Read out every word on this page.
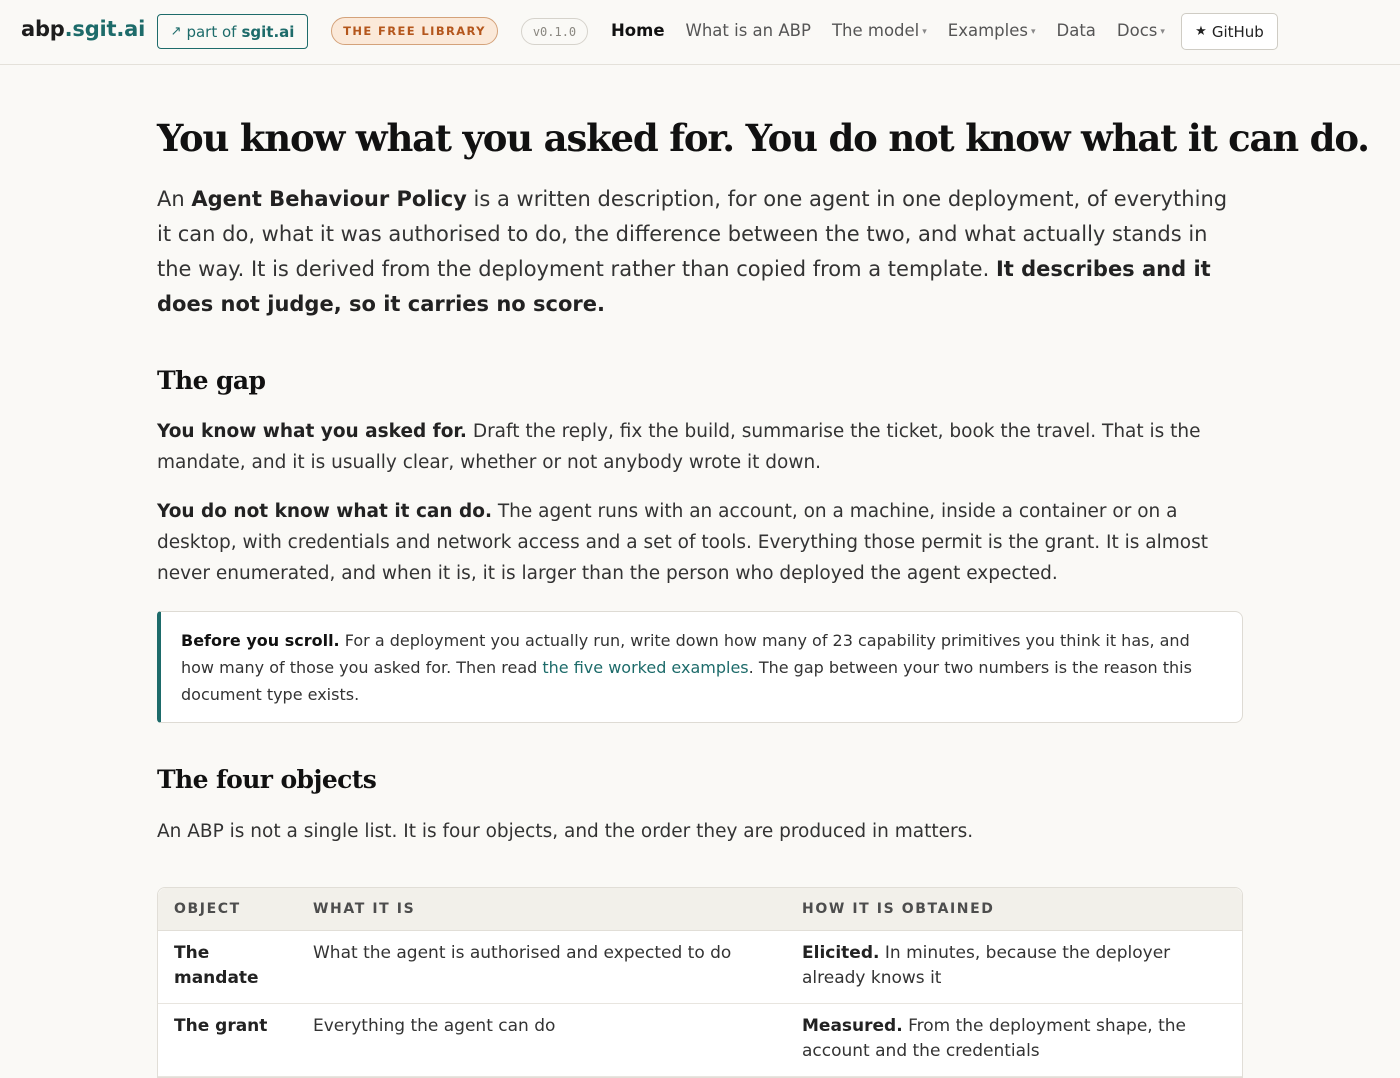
abp.sgit.ai ↗ part of sgit.ai	THE FREE LIBRARY	v0.1.0	Home What is an ABP The model ▾ Examples ▾ Data Docs ▾ ★ GitHub
You know what you asked for. You do not know what it can do.

An Agent Behaviour Policy is a written description, for one agent in one deployment, of everything it can do, what it was authorised to do, the difference between the two, and what actually stands in the way. It is derived from the deployment rather than copied from a template. It describes and it does not judge, so it carries no score.

The gap

You know what you asked for. Draft the reply, fix the build, summarise the ticket, book the travel. That is the mandate, and it is usually clear, whether or not anybody wrote it down.

You do not know what it can do. The agent runs with an account, on a machine, inside a container or on a desktop, with credentials and network access and a set of tools. Everything those permit is the grant. It is almost never enumerated, and when it is, it is larger than the person who deployed the agent expected.

Before you scroll. For a deployment you actually run, write down how many of 23 capability primitives you think it has, and how many of those you asked for. Then read the five worked examples. The gap between your two numbers is the reason this document type exists.
The four objects

An ABP is not a single list. It is four objects, and the order they are produced in matters.

OBJECT	WHAT IT IS	HOW IT IS OBTAINED
The mandate	What the agent is authorised and expected to do	Elicited. In minutes, because the deployer already knows it
The grant	Everything the agent can do	Measured. From the deployment shape, the account and the credentials
